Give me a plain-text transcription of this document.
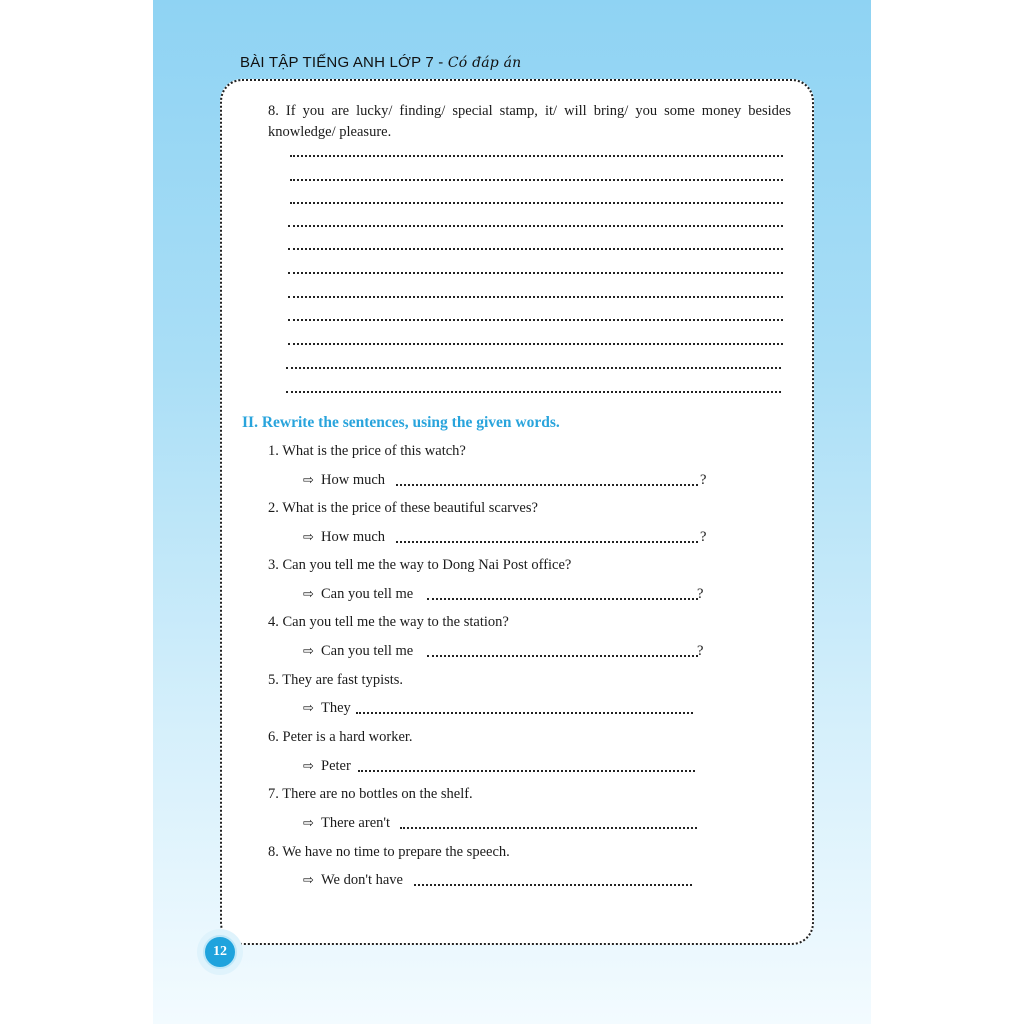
BÀI TẬP TIẾNG ANH LỚP 7 - Có đáp án
8. If you are lucky/ finding/ special stamp, it/ will bring/ you some money besides knowledge/ pleasure.
II. Rewrite the sentences, using the given words.
1. What is the price of this watch?
⇨ How much	?
2. What is the price of these beautiful scarves?
⇨ How much	?
3. Can you tell me the way to Dong Nai Post office?
⇨ Can you tell me	?
4. Can you tell me the way to the station?
⇨ Can you tell me	?
5. They are fast typists.
⇨ They
6. Peter is a hard worker.
⇨ Peter
7. There are no bottles on the shelf.
⇨ There aren't
8. We have no time to prepare the speech.
⇨ We don't have
12
